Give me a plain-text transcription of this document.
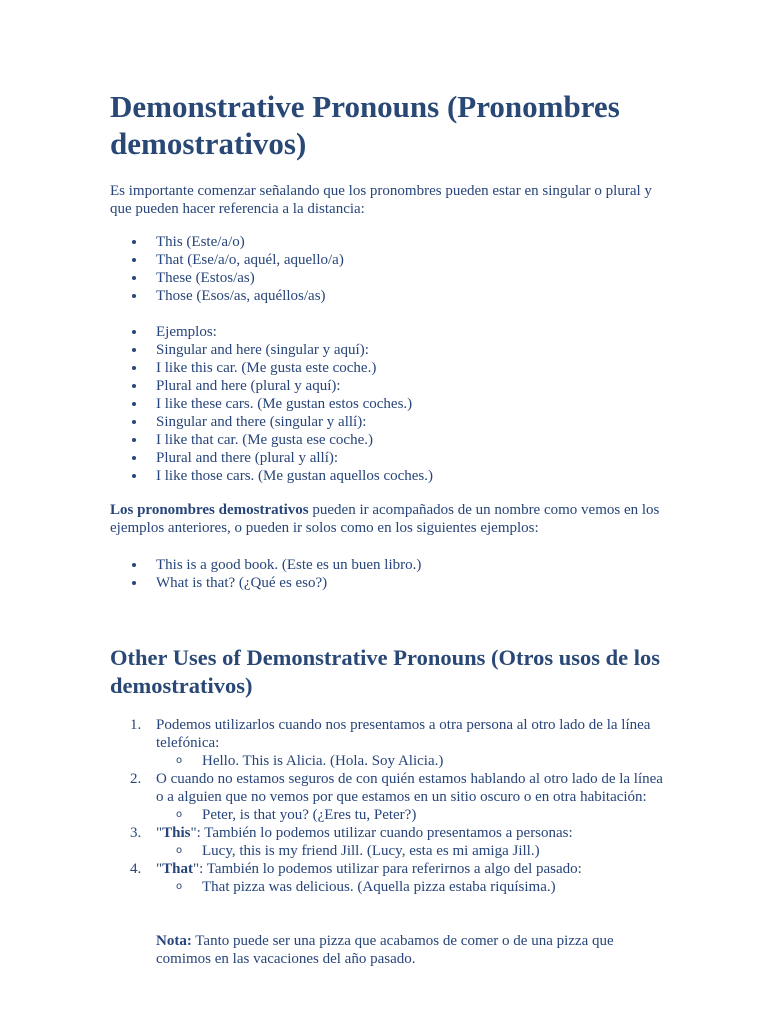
Demonstrative Pronouns (Pronombres demostrativos)

Es importante comenzar señalando que los pronombres pueden estar en singular o plural y que pueden hacer referencia a la distancia:

This (Este/a/o)
That (Ese/a/o, aquél, aquello/a)
These (Estos/as)
Those (Esos/as, aquéllos/as)
Ejemplos:
Singular and here (singular y aquí):
I like this car. (Me gusta este coche.)
Plural and here (plural y aquí):
I like these cars. (Me gustan estos coches.)
Singular and there (singular y allí):
I like that car. (Me gusta ese coche.)
Plural and there (plural y allí):
I like those cars. (Me gustan aquellos coches.)

Los pronombres demostrativos pueden ir acompañados de un nombre como vemos en los ejemplos anteriores, o pueden ir solos como en los siguientes ejemplos:

This is a good book. (Este es un buen libro.)
What is that? (¿Qué es eso?)
Other Uses of Demonstrative Pronouns (Otros usos de los demostrativos)
1. Podemos utilizarlos cuando nos presentamos a otra persona al otro lado de la línea telefónica:
o Hello. This is Alicia. (Hola. Soy Alicia.)
2. O cuando no estamos seguros de con quién estamos hablando al otro lado de la línea o a alguien que no vemos por que estamos en un sitio oscuro o en otra habitación:
o Peter, is that you? (¿Eres tu, Peter?)
3. "This": También lo podemos utilizar cuando presentamos a personas:
o Lucy, this is my friend Jill. (Lucy, esta es mi amiga Jill.)
4. "That": También lo podemos utilizar para referirnos a algo del pasado:
o That pizza was delicious. (Aquella pizza estaba riquísima.)

Nota: Tanto puede ser una pizza que acabamos de comer o de una pizza que comimos en las vacaciones del año pasado.
